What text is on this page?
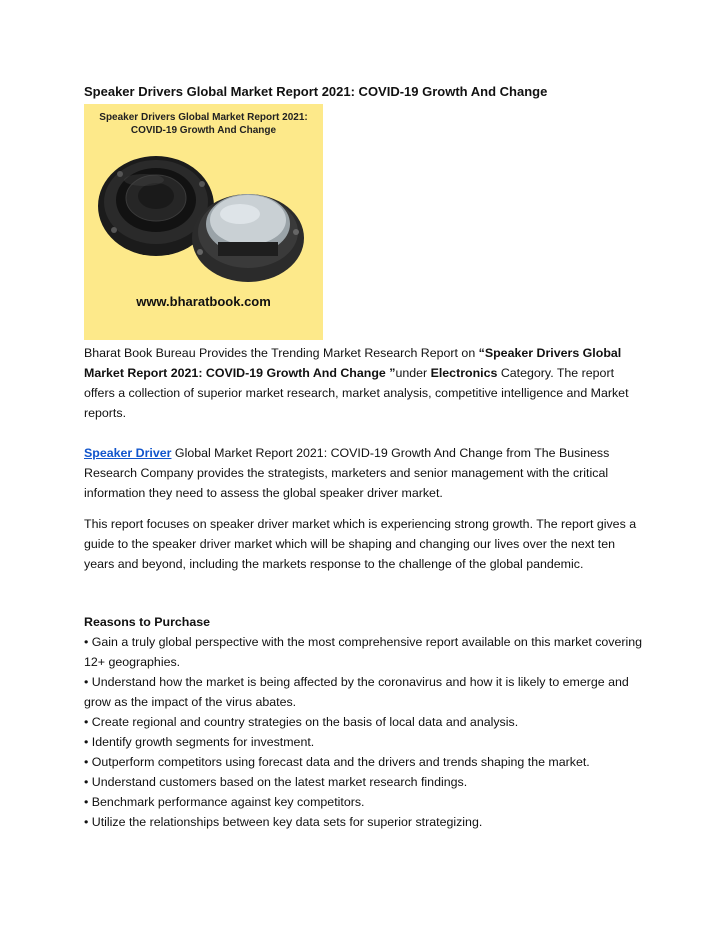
Speaker Drivers Global Market Report 2021: COVID-19 Growth And Change
Speaker Drivers Global Market Report 2021:
COVID-19 Growth And Change
www.bharatbook.com

Bharat Book Bureau Provides the Trending Market Research Report on “Speaker Drivers Global Market Report 2021: COVID-19 Growth And Change ”under Electronics Category. The report offers a collection of superior market research, market analysis, competitive intelligence and Market reports.

Speaker Driver Global Market Report 2021: COVID-19 Growth And Change from The Business Research Company provides the strategists, marketers and senior management with the critical information they need to assess the global speaker driver market.

This report focuses on speaker driver market which is experiencing strong growth. The report gives a guide to the speaker driver market which will be shaping and changing our lives over the next ten years and beyond, including the markets response to the challenge of the global pandemic.

Reasons to Purchase
• Gain a truly global perspective with the most comprehensive report available on this market covering 12+ geographies.
• Understand how the market is being affected by the coronavirus and how it is likely to emerge and grow as the impact of the virus abates.
• Create regional and country strategies on the basis of local data and analysis.
• Identify growth segments for investment.
• Outperform competitors using forecast data and the drivers and trends shaping the market.
• Understand customers based on the latest market research findings.
• Benchmark performance against key competitors.
• Utilize the relationships between key data sets for superior strategizing.
